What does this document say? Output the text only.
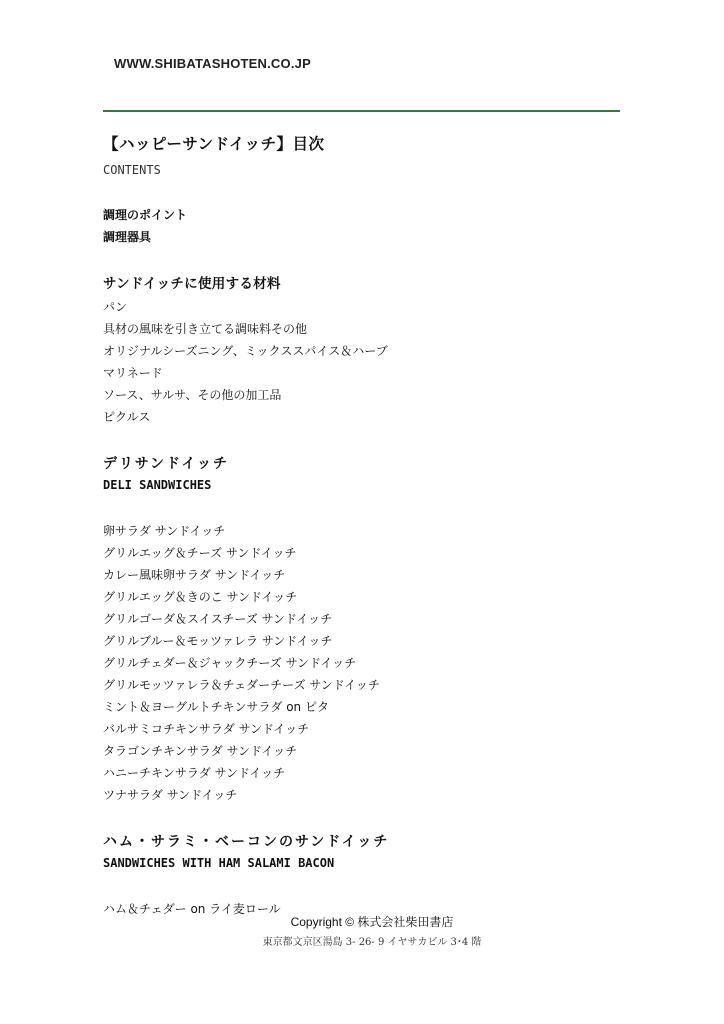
WWW.SHIBATASHOTEN.CO.JP
【ハッピーサンドイッチ】目次
CONTENTS
調理のポイント
調理器具
サンドイッチに使用する材料
パン
具材の風味を引き立てる調味料その他
オリジナルシーズニング、ミックススパイス＆ハーブ
マリネード
ソース、サルサ、その他の加工品
ピクルス
デリサンドイッチ
DELI SANDWICHES
卵サラダ サンドイッチ
グリルエッグ＆チーズ サンドイッチ
カレー風味卵サラダ サンドイッチ
グリルエッグ＆きのこ サンドイッチ
グリルゴーダ＆スイスチーズ サンドイッチ
グリルブルー＆モッツァレラ サンドイッチ
グリルチェダー＆ジャックチーズ サンドイッチ
グリルモッツァレラ＆チェダーチーズ サンドイッチ
ミント＆ヨーグルトチキンサラダ on ピタ
バルサミコチキンサラダ サンドイッチ
タラゴンチキンサラダ サンドイッチ
ハニーチキンサラダ サンドイッチ
ツナサラダ サンドイッチ
ハム・サラミ・ベーコンのサンドイッチ
SANDWICHES WITH HAM SALAMI BACON
ハム＆チェダー on ライ麦ロール
Copyright © 株式会社柴田書店
東京都文京区湯島 3- 26- 9 イヤサカビル 3･4 階
